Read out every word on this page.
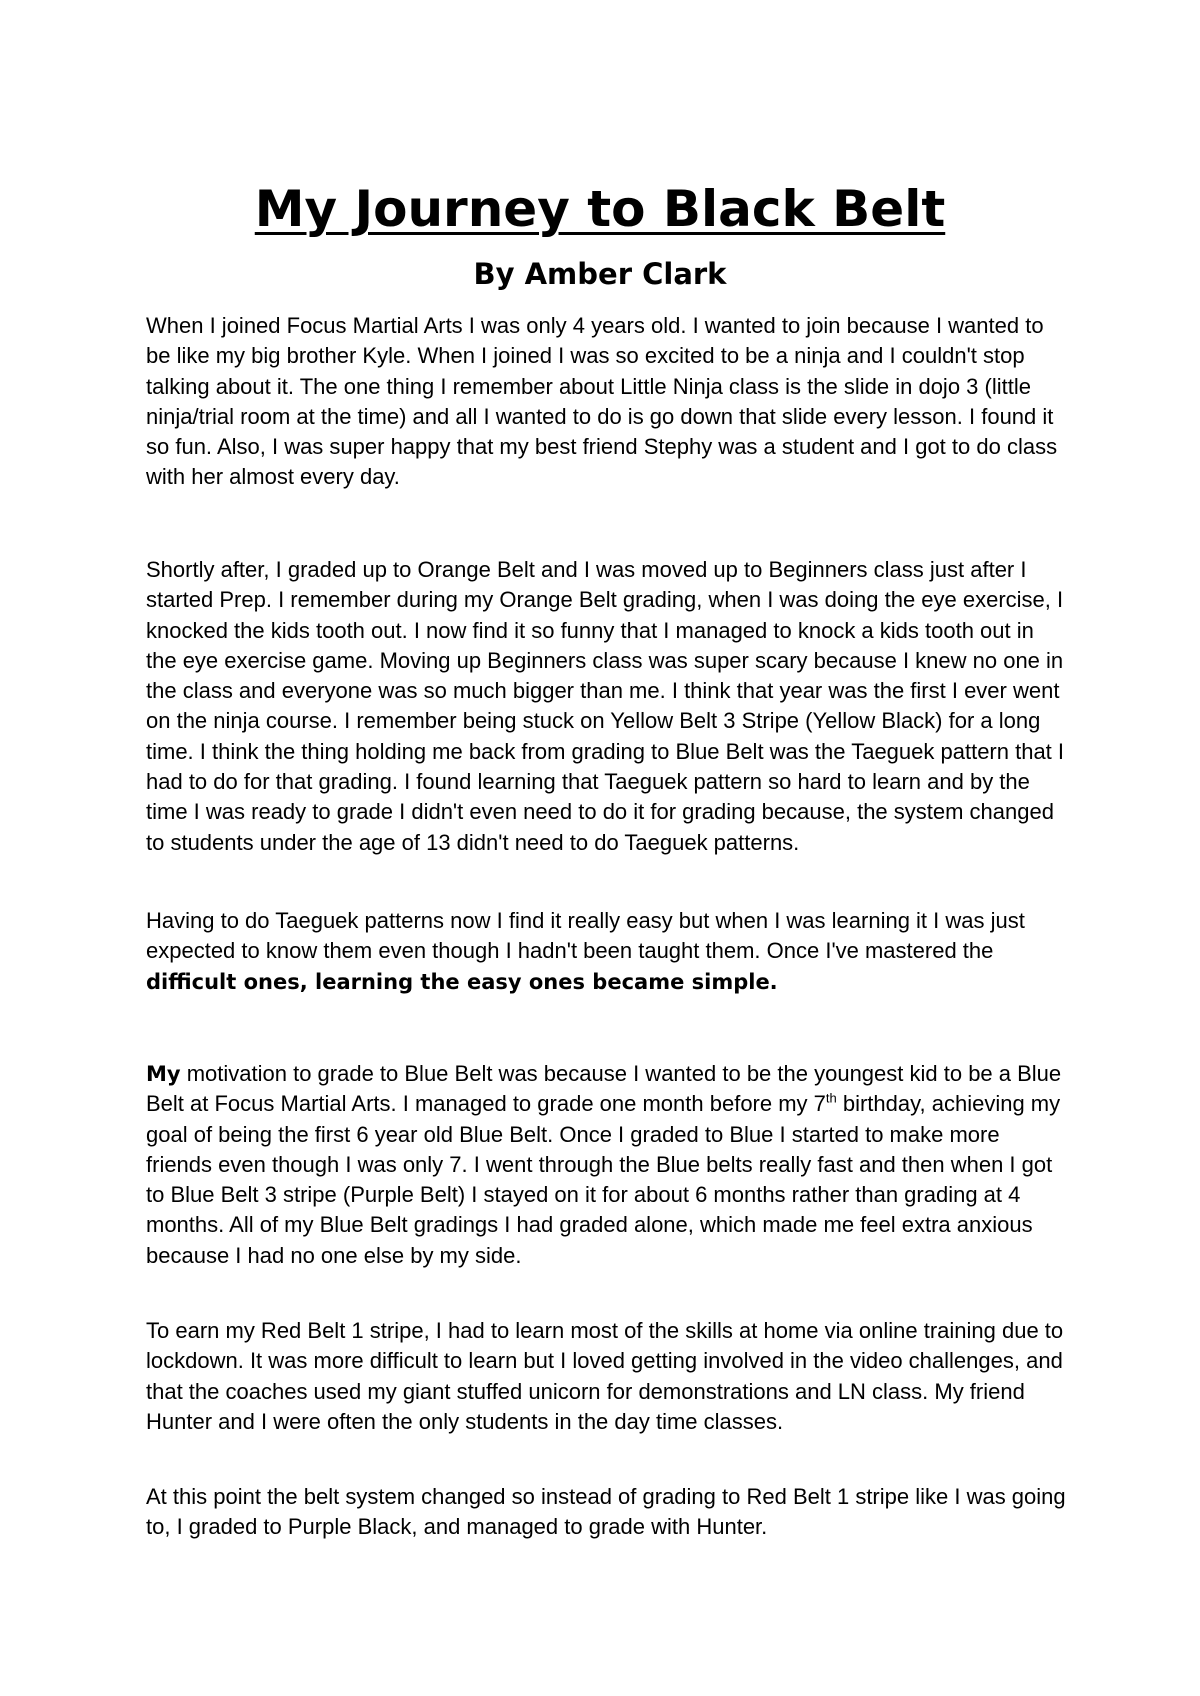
My Journey to Black Belt
By Amber Clark

When I joined Focus Martial Arts I was only 4 years old. I wanted to join because I wanted to be like my big brother Kyle. When I joined I was so excited to be a ninja and I couldn't stop talking about it. The one thing I remember about Little Ninja class is the slide in dojo 3 (little ninja/trial room at the time) and all I wanted to do is go down that slide every lesson. I found it so fun. Also, I was super happy that my best friend Stephy was a student and I got to do class with her almost every day.

Shortly after, I graded up to Orange Belt and I was moved up to Beginners class just after I started Prep. I remember during my Orange Belt grading, when I was doing the eye exercise, I knocked the kids tooth out. I now find it so funny that I managed to knock a kids tooth out in the eye exercise game. Moving up Beginners class was super scary because I knew no one in the class and everyone was so much bigger than me. I think that year was the first I ever went on the ninja course. I remember being stuck on Yellow Belt 3 Stripe (Yellow Black) for a long time. I think the thing holding me back from grading to Blue Belt was the Taeguek pattern that I had to do for that grading. I found learning that Taeguek pattern so hard to learn and by the time I was ready to grade I didn't even need to do it for grading because, the system changed to students under the age of 13 didn't need to do Taeguek patterns.

Having to do Taeguek patterns now I find it really easy but when I was learning it I was just expected to know them even though I hadn't been taught them. Once I've mastered the difficult ones, learning the easy ones became simple.

My motivation to grade to Blue Belt was because I wanted to be the youngest kid to be a Blue Belt at Focus Martial Arts. I managed to grade one month before my 7th birthday, achieving my goal of being the first 6 year old Blue Belt. Once I graded to Blue I started to make more friends even though I was only 7. I went through the Blue belts really fast and then when I got to Blue Belt 3 stripe (Purple Belt) I stayed on it for about 6 months rather than grading at 4 months. All of my Blue Belt gradings I had graded alone, which made me feel extra anxious because I had no one else by my side.

To earn my Red Belt 1 stripe, I had to learn most of the skills at home via online training due to lockdown. It was more difficult to learn but I loved getting involved in the video challenges, and that the coaches used my giant stuffed unicorn for demonstrations and LN class. My friend Hunter and I were often the only students in the day time classes.

At this point the belt system changed so instead of grading to Red Belt 1 stripe like I was going to, I graded to Purple Black, and managed to grade with Hunter.
